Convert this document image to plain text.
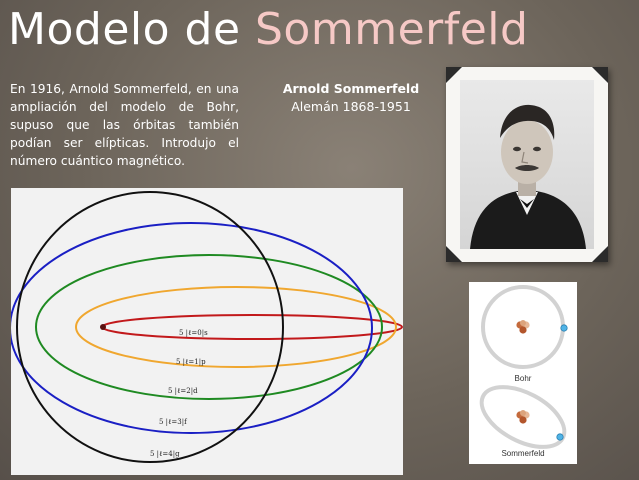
Modelo de Sommerfeld
En 1916, Arnold Sommerfeld, en una ampliación del modelo de Bohr, supuso que las órbitas también podían ser elípticas. Introdujo el número cuántico magnético.
Arnold Sommerfeld
Alemán 1868-1951
5 |ℓ=0|s
5 |ℓ=1|p
5 |ℓ=2|d
5 |ℓ=3|f
5 |ℓ=4|g
Bohr
Sommerfeld
